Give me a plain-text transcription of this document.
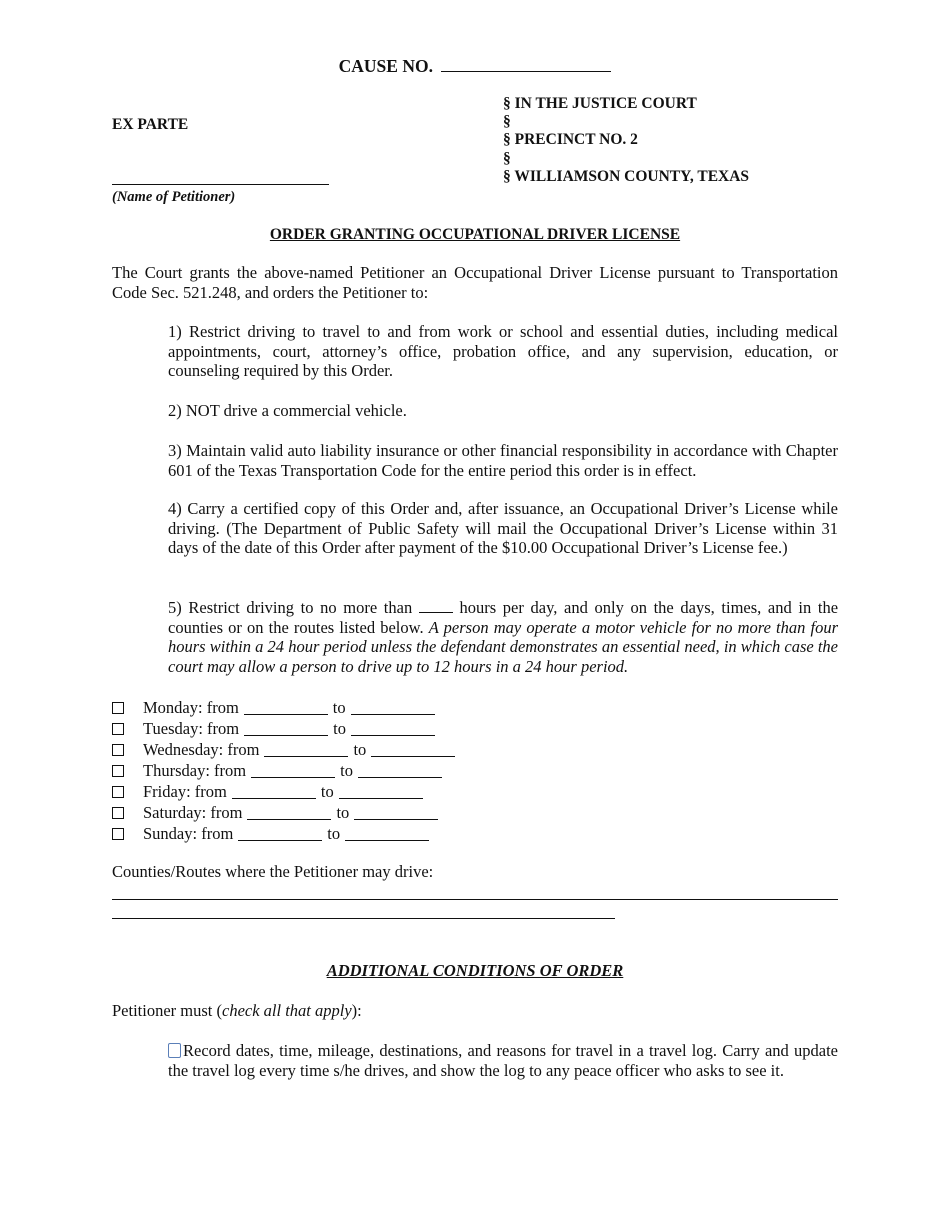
CAUSE NO.
EX PARTE
(Name of Petitioner)
§ IN THE JUSTICE COURT
§
§ PRECINCT NO. 2
§
§ WILLIAMSON COUNTY, TEXAS
ORDER GRANTING OCCUPATIONAL DRIVER LICENSE
The Court grants the above-named Petitioner an Occupational Driver License pursuant to Transportation Code Sec. 521.248, and orders the Petitioner to:
1) Restrict driving to travel to and from work or school and essential duties, including medical appointments, court, attorney’s office, probation office, and any supervision, education, or counseling required by this Order.
2) NOT drive a commercial vehicle.
3) Maintain valid auto liability insurance or other financial responsibility in accordance with Chapter 601 of the Texas Transportation Code for the entire period this order is in effect.
4) Carry a certified copy of this Order and, after issuance, an Occupational Driver’s License while driving. (The Department of Public Safety will mail the Occupational Driver’s License within 31 days of the date of this Order after payment of the $10.00 Occupational Driver’s License fee.)
5) Restrict driving to no more than	hours per day, and only on the days, times, and in the counties or on the routes listed below. A person may operate a motor vehicle for no more than four hours within a 24 hour period unless the defendant demonstrates an essential need, in which case the court may allow a person to drive up to 12 hours in a 24 hour period.
Monday: from	to
Tuesday: from	to
Wednesday: from	to
Thursday: from	to
Friday: from	to
Saturday: from	to
Sunday: from	to
Counties/Routes where the Petitioner may drive:
ADDITIONAL CONDITIONS OF ORDER
Petitioner must (check all that apply):
Record dates, time, mileage, destinations, and reasons for travel in a travel log. Carry and update the travel log every time s/he drives, and show the log to any peace officer who asks to see it.
